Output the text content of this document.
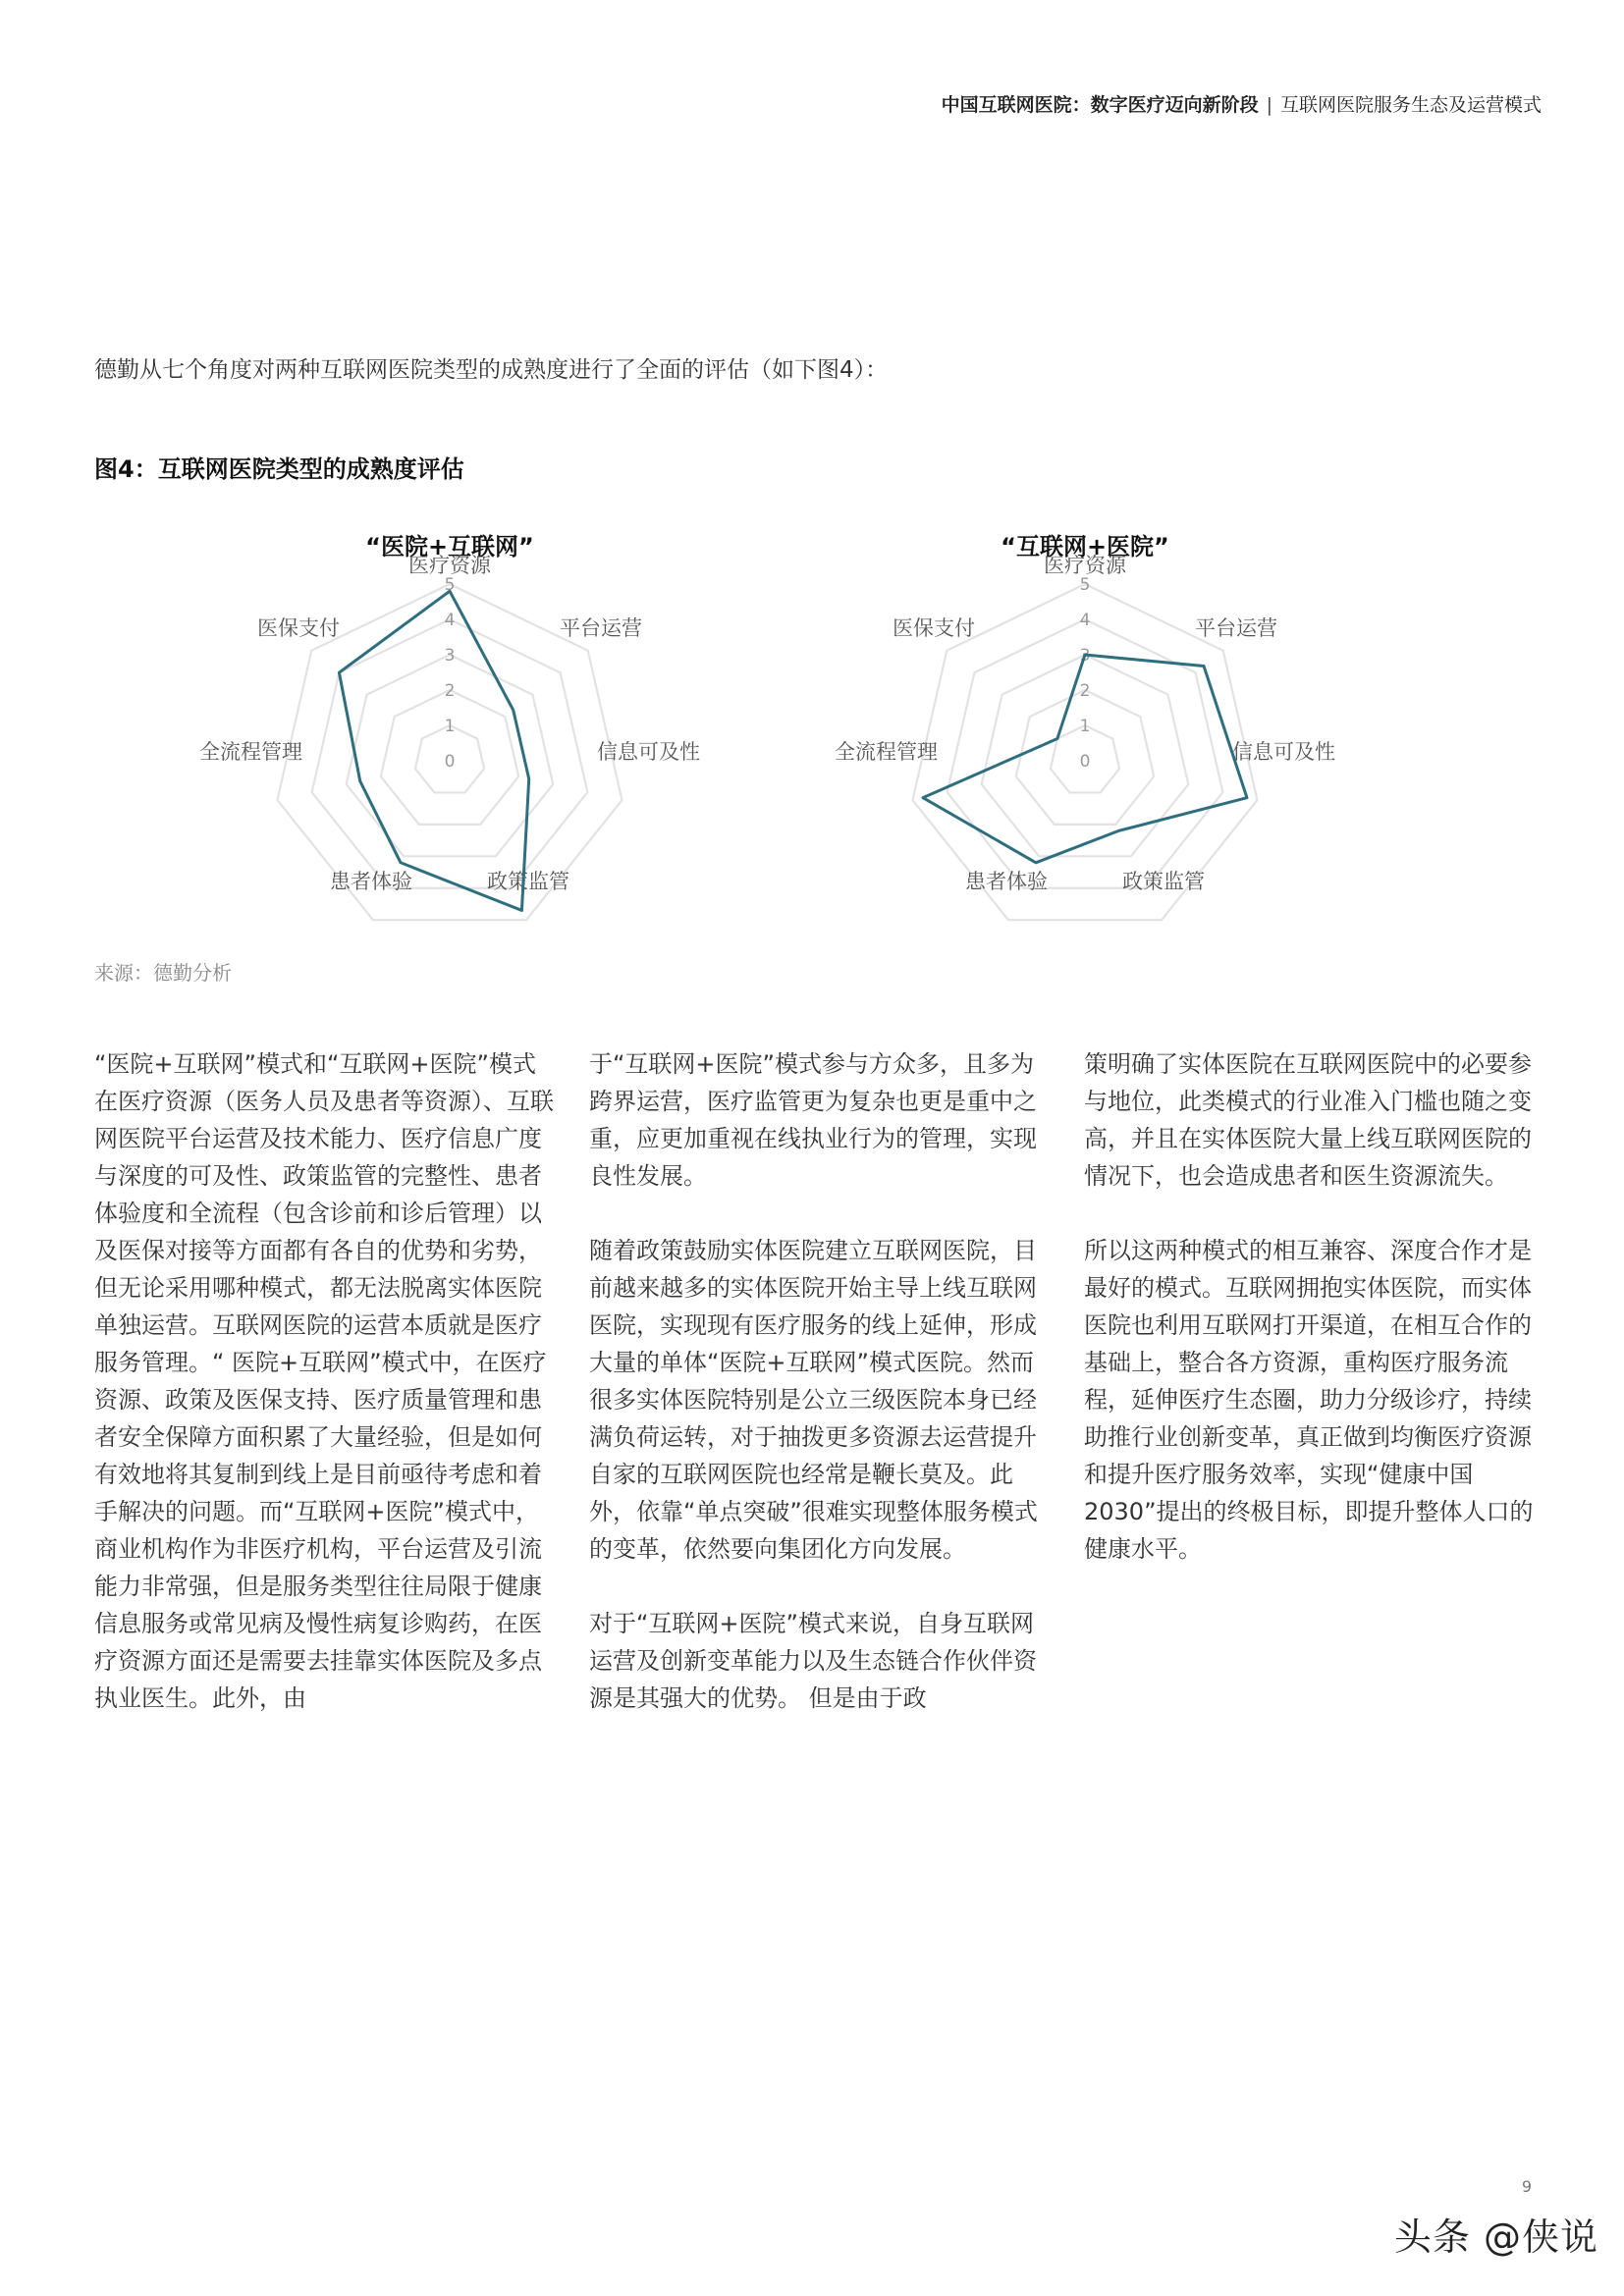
中国互联网医院：数字医疗迈向新阶段 | 互联网医院服务生态及运营模式
德勤从七个角度对两种互联网医院类型的成熟度进行了全面的评估（如下图4）：
图4：互联网医院类型的成熟度评估
“医院+互联网”
0
1
2
3
4
5
医疗资源
平台运营
信息可及性
政策监管
患者体验
全流程管理
医保支付
“互联网+医院”
0
1
2
3
4
5
医疗资源
平台运营
信息可及性
政策监管
患者体验
全流程管理
医保支付
来源：德勤分析

“医院+互联网”模式和“互联网+医院”模式在医疗资源（医务人员及患者等资源）、互联网医院平台运营及技术能力、医疗信息广度与深度的可及性、政策监管的完整性、患者体验度和全流程（包含诊前和诊后管理）以及医保对接等方面都有各自的优势和劣势，但无论采用哪种模式，都无法脱离实体医院单独运营。互联网医院的运营本质就是医疗服务管理。“ 医院+互联网”模式中，在医疗资源、政策及医保支持、医疗质量管理和患者安全保障方面积累了大量经验，但是如何有效地将其复制到线上是目前亟待考虑和着手解决的问题。而“互联网+医院”模式中，商业机构作为非医疗机构，平台运营及引流能力非常强，但是服务类型往往局限于健康信息服务或常见病及慢性病复诊购药，在医疗资源方面还是需要去挂靠实体医院及多点执业医生。此外，由

于“互联网+医院”模式参与方众多，且多为跨界运营，医疗监管更为复杂也更是重中之重，应更加重视在线执业行为的管理，实现良性发展。

随着政策鼓励实体医院建立互联网医院，目前越来越多的实体医院开始主导上线互联网医院，实现现有医疗服务的线上延伸，形成大量的单体“医院+互联网”模式医院。然而很多实体医院特别是公立三级医院本身已经满负荷运转，对于抽拨更多资源去运营提升自家的互联网医院也经常是鞭长莫及。此外，依靠“单点突破”很难实现整体服务模式的变革，依然要向集团化方向发展。

对于“互联网+医院”模式来说，自身互联网运营及创新变革能力以及生态链合作伙伴资源是其强大的优势。 但是由于政

策明确了实体医院在互联网医院中的必要参与地位，此类模式的行业准入门槛也随之变高，并且在实体医院大量上线互联网医院的情况下，也会造成患者和医生资源流失。

所以这两种模式的相互兼容、深度合作才是最好的模式。互联网拥抱实体医院，而实体医院也利用互联网打开渠道，在相互合作的基础上，整合各方资源，重构医疗服务流程，延伸医疗生态圈，助力分级诊疗，持续助推行业创新变革，真正做到均衡医疗资源和提升医疗服务效率，实现“健康中国2030”提出的终极目标，即提升整体人口的健康水平。

9
头条 @侠说
